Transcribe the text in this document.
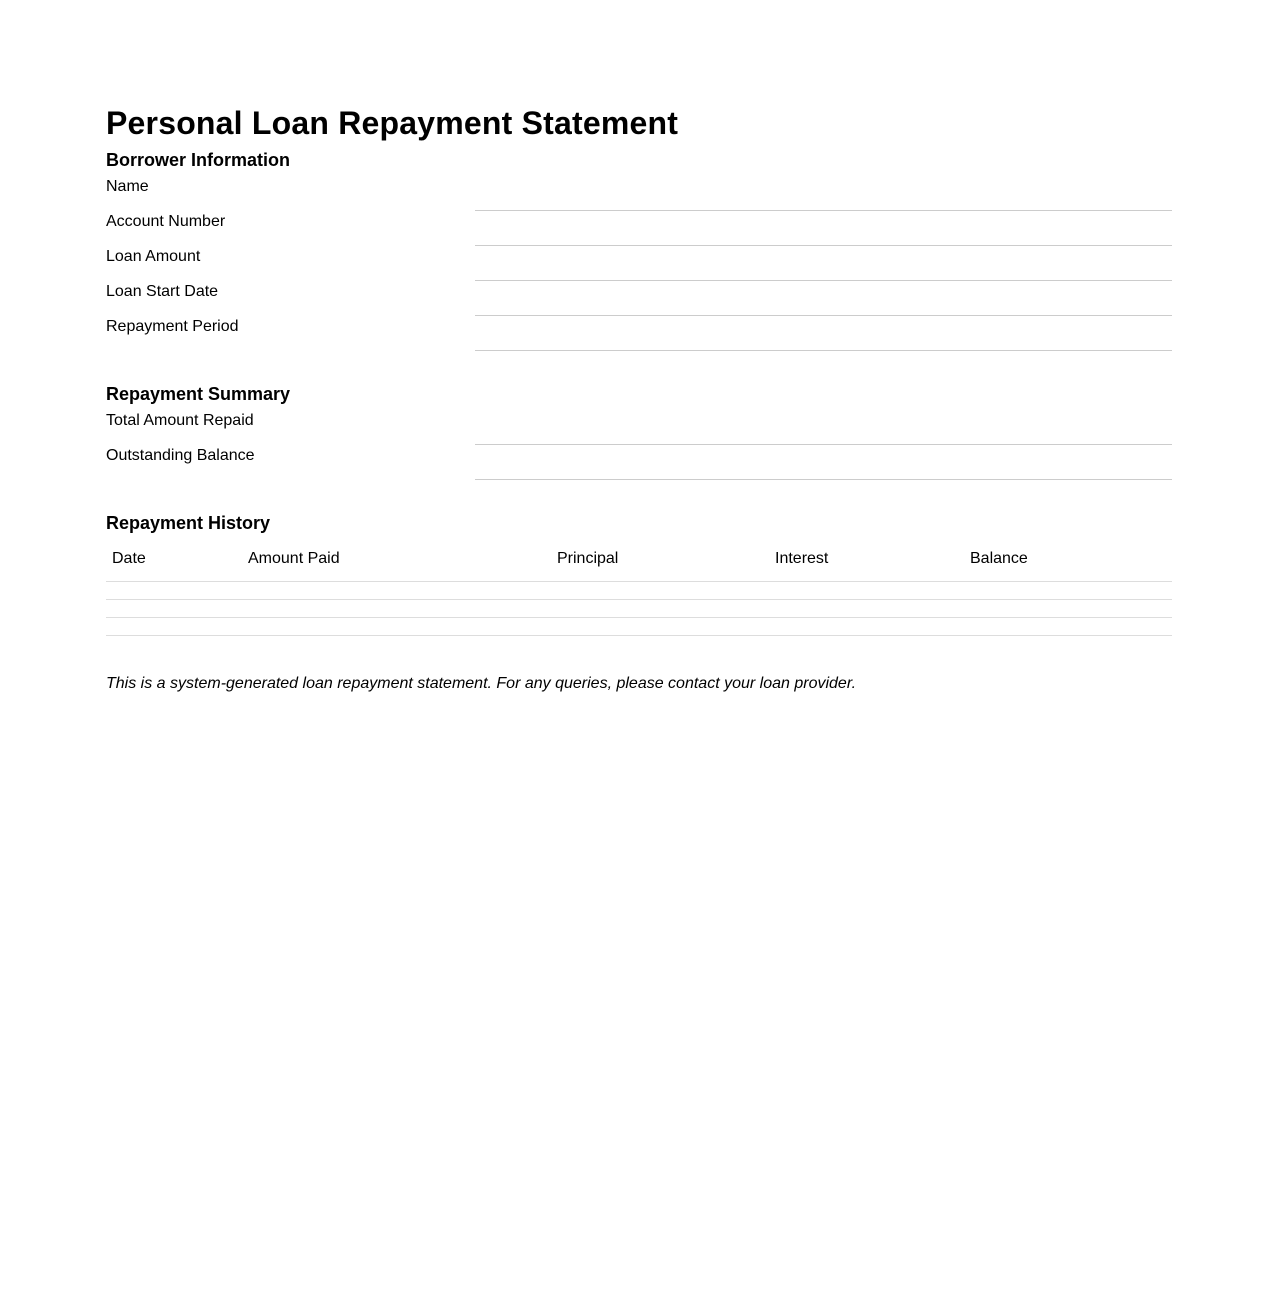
Personal Loan Repayment Statement
Borrower Information
Name
Account Number
Loan Amount
Loan Start Date
Repayment Period
Repayment Summary
Total Amount Repaid
Outstanding Balance
Repayment History
Date	Amount Paid	Principal	Interest	Balance

This is a system-generated loan repayment statement. For any queries, please contact your loan provider.
